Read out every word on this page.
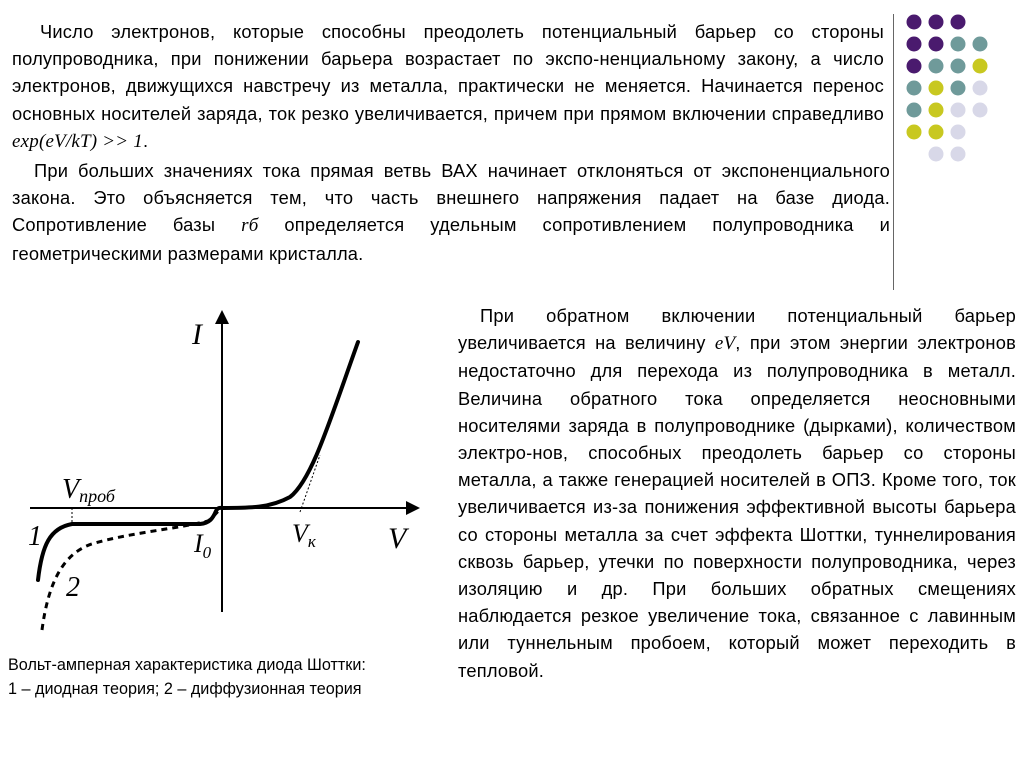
Число электронов, которые способны преодолеть потенциальный барьер со стороны полупроводника, при понижении барьера возрастает по экспо-ненциальному закону, а число электронов, движущихся навстречу из металла, практически не меняется. Начинается перенос основных носителей заряда, ток резко увеличивается, причем при прямом включении справедливо exp(eV/kT) >> 1.
При больших значениях тока прямая ветвь ВАХ начинает отклоняться от экспоненциального закона. Это объясняется тем, что часть внешнего напряжения падает на базе диода. Сопротивление базы rб определяется удельным сопротивлением полупроводника и геометрическими размерами кристалла.
При обратном включении потенциальный барьер увеличивается на величину eV, при этом энергии электронов недостаточно для перехода из полупроводника в металл. Величина обратного тока определяется неосновными носителями заряда в полупроводнике (дырками), количеством электро-нов, способных преодолеть барьер со стороны металла, а также генерацией носителей в ОПЗ. Кроме того, ток увеличивается из-за понижения эффективной высоты барьера со стороны металла за счет эффекта Шоттки, туннелирования сквозь барьер, утечки по поверхности полупроводника, через изоляцию и др. При больших обратных смещениях наблюдается резкое увеличение тока, связанное с лавинным или туннельным пробоем, который может переходить в тепловой.
I
V
Vпроб
Vк
$I_0$
1
2
Вольт-амперная характеристика диода Шоттки:
1 – диодная теория; 2 – диффузионная теория
